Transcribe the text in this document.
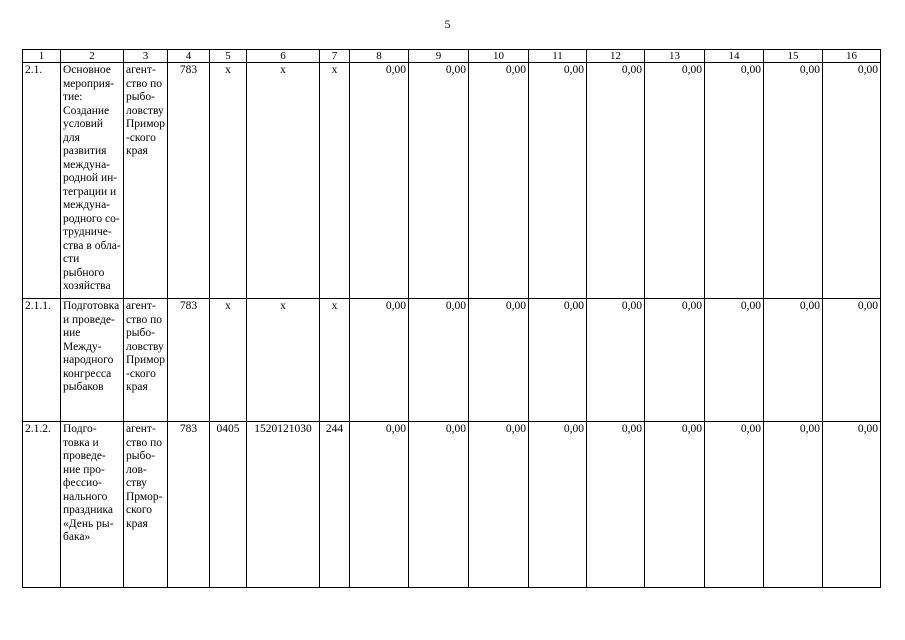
5
1	2	3	4	5	6	7	8	9	10	11	12	13	14	15	16
2.1.	Основное мероприя-тие: Создание условий для развития междуна-родной ин-теграции и междуна-родного со-трудниче-ства в обла-сти рыбного хозяйства	агент-ство по рыбо-ловству Примор-ского края	783	x	x	x	0,00	0,00	0,00	0,00	0,00	0,00	0,00	0,00	0,00
2.1.1.	Подготовка и проведе-ние Между-народного конгресса рыбаков	агент-ство по рыбо-ловству Примор-ского края	783	x	x	x	0,00	0,00	0,00	0,00	0,00	0,00	0,00	0,00	0,00
2.1.2.	Подго-товка и проведе-ние про-фессио-нального праздника «День ры-бака»	агент-ство по рыбо-лов-ству Прмор-ского края	783	0405	1520121030	244	0,00	0,00	0,00	0,00	0,00	0,00	0,00	0,00	0,00
